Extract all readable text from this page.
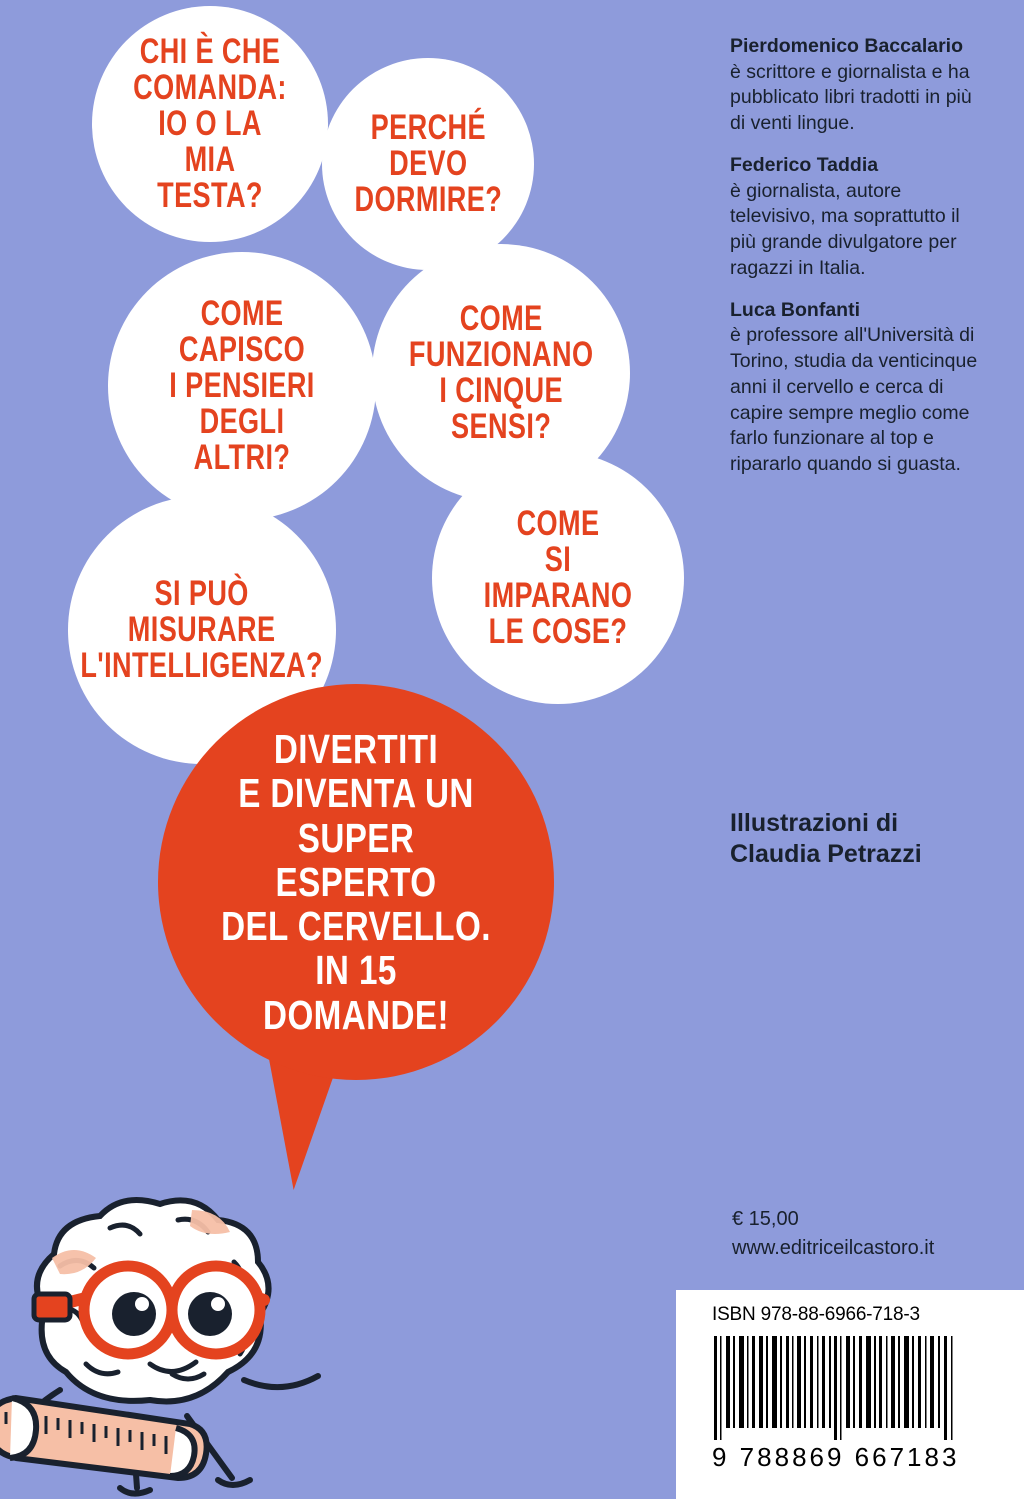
CHI È CHE
COMANDA:
IO O LA MIA
TESTA?
PERCHÉ
DEVO
DORMIRE?
COME CAPISCO
I PENSIERI
DEGLI ALTRI?
COME
FUNZIONANO
I CINQUE
SENSI?
SI PUÒ
MISURARE
L'INTELLIGENZA?
COME
SI IMPARANO
LE COSE?
DIVERTITI
E DIVENTA UN
SUPER ESPERTO
DEL CERVELLO.
IN 15 DOMANDE!
Pierdomenico Baccalario
è scrittore e giornalista e ha pubblicato libri tradotti in più di venti lingue.
Federico Taddia
è giornalista, autore televisivo, ma soprattutto il più grande divulgatore per ragazzi in Italia.
Luca Bonfanti
è professore all'Università di Torino, studia da venticinque anni il cervello e cerca di capire sempre meglio come farlo funzionare al top e ripararlo quando si guasta.
Illustrazioni di
Claudia Petrazzi
€ 15,00
www.editriceilcastoro.it
ISBN 978-88-6966-718-3
9 788869 667183
